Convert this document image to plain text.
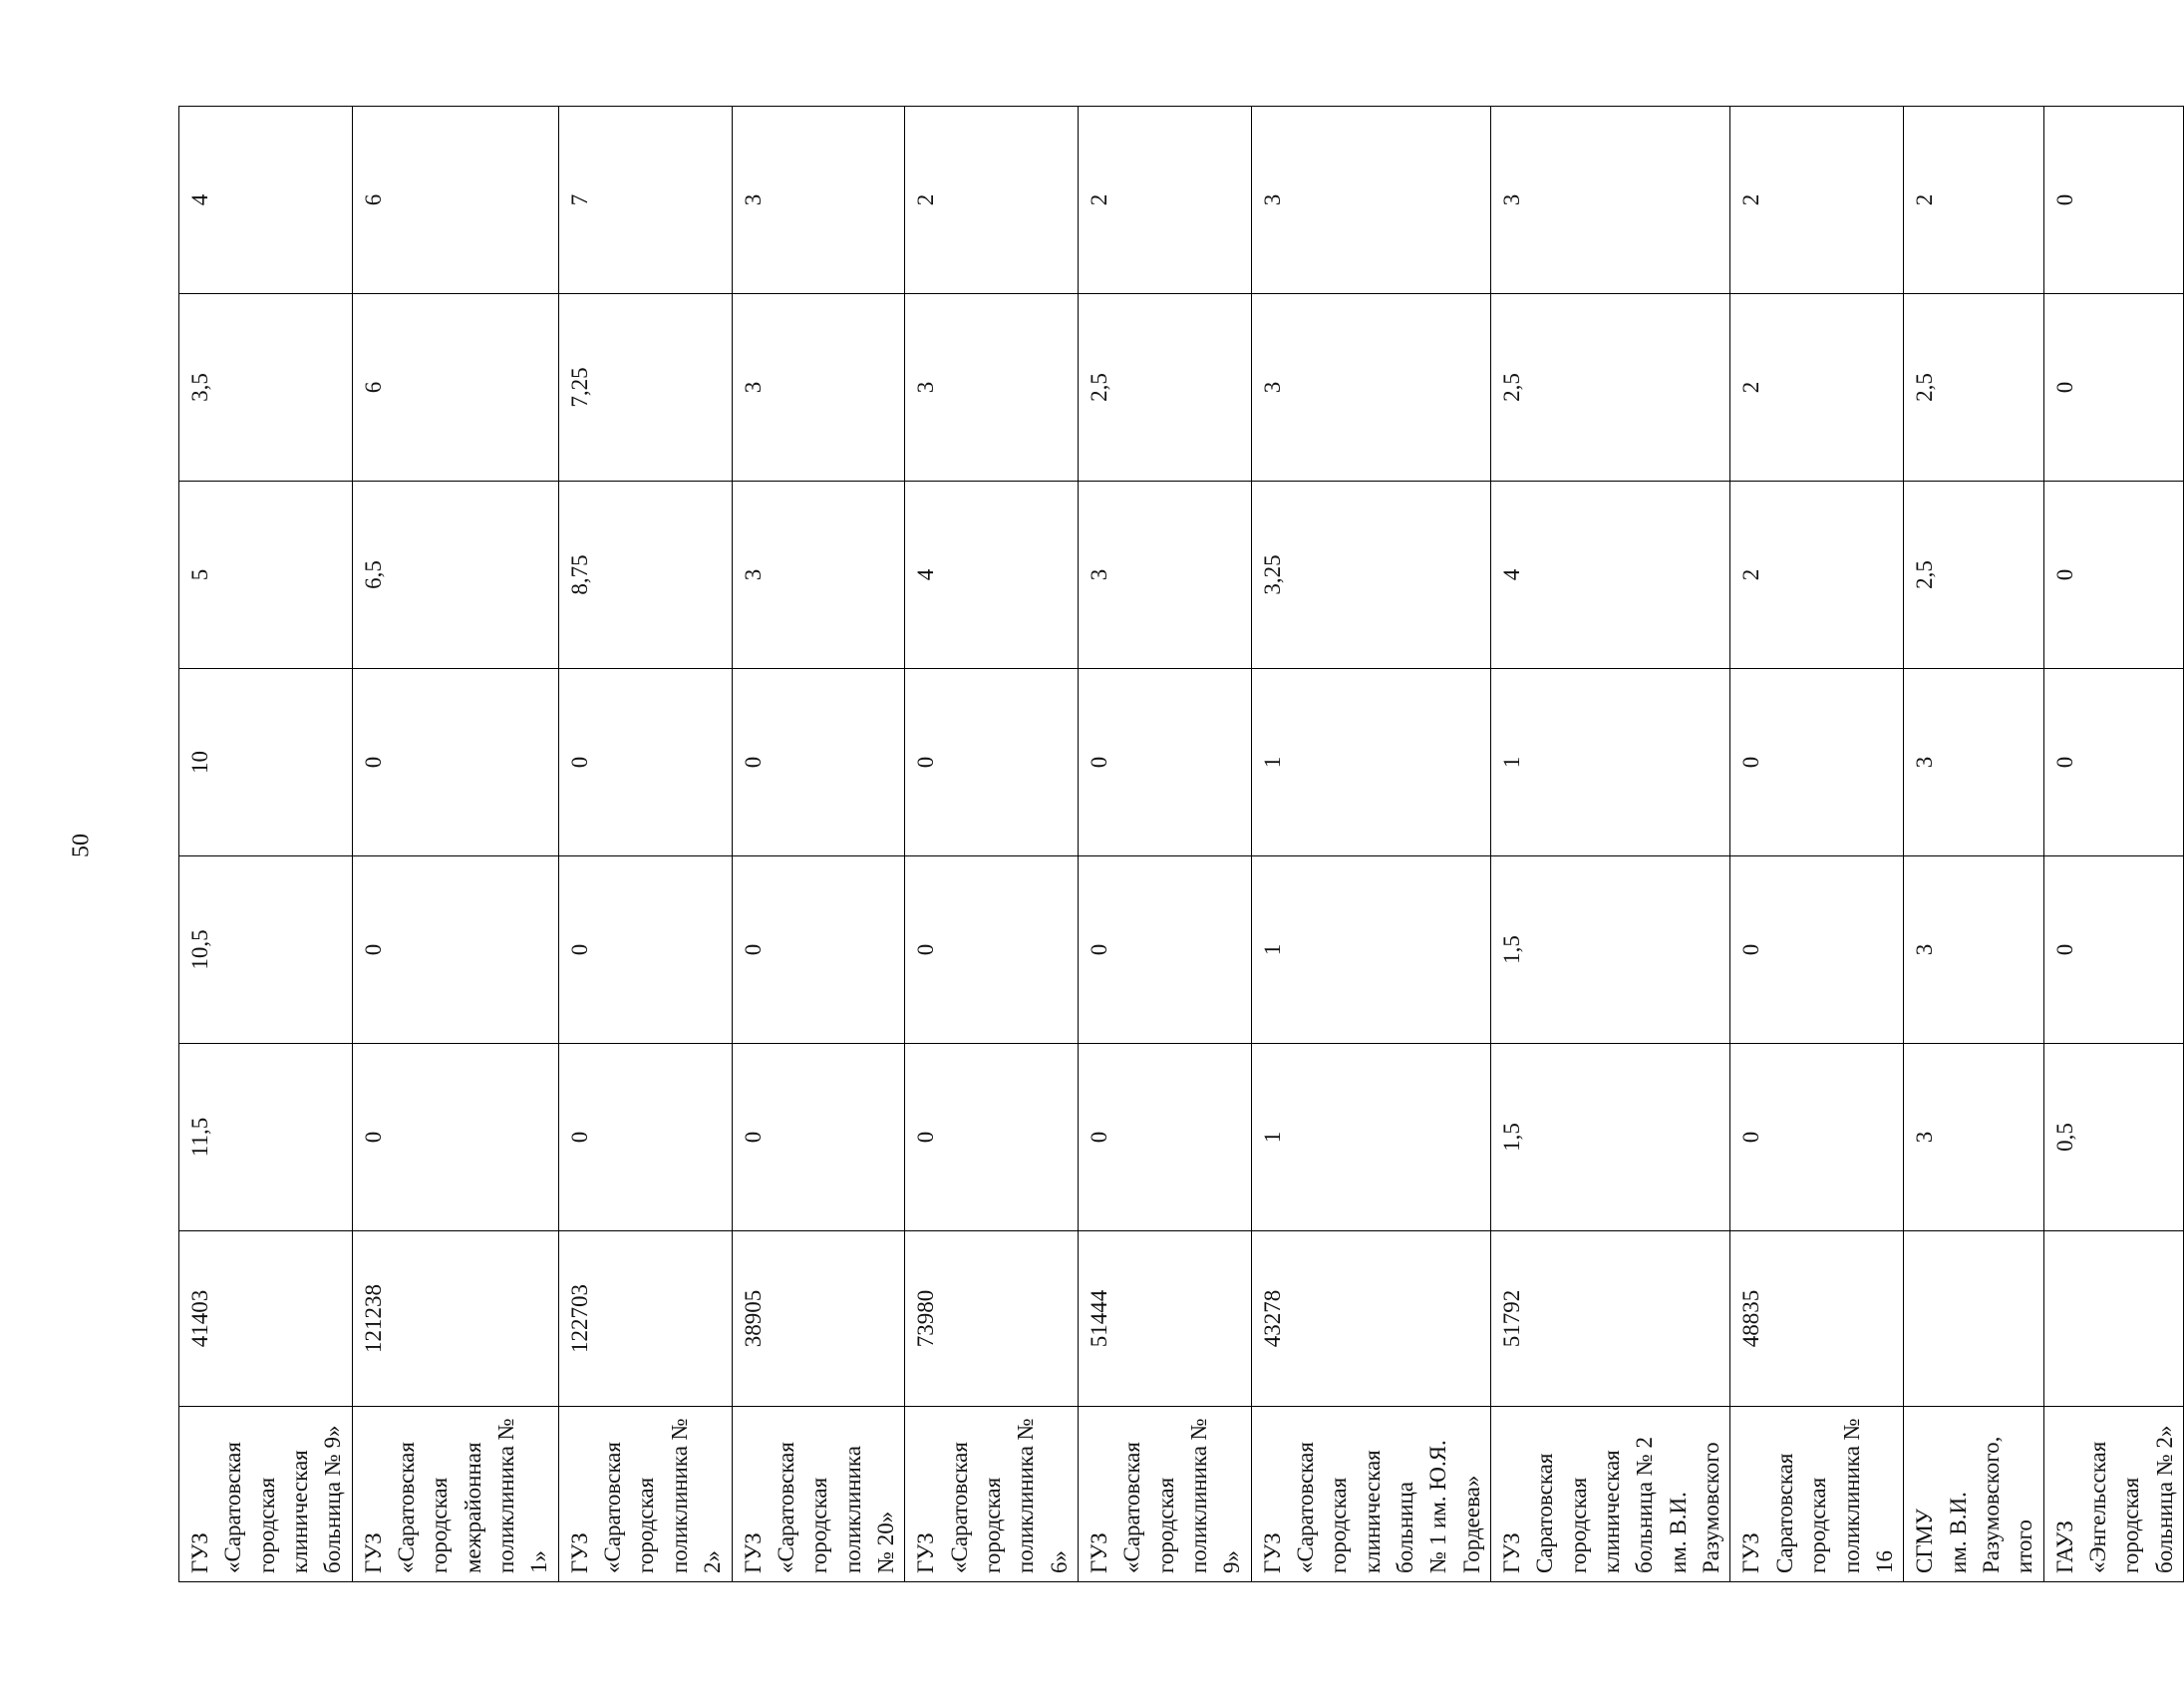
50
ГУЗ «Саратовская
городская клиническая
больница № 9»	41403	11,5	10,5	10	5	3,5	4
ГУЗ «Саратовская
городская межрайонная
поликлиника № 1»	121238	0	0	0	6,5	6	6
ГУЗ «Саратовская
городская поликлиника № 2»	122703	0	0	0	8,75	7,25	7
ГУЗ «Саратовская
городская поликлиника
№ 20»	38905	0	0	0	3	3	3
ГУЗ «Саратовская
городская поликлиника № 6»	73980	0	0	0	4	3	2
ГУЗ «Саратовская
городская поликлиника № 9»	51444	0	0	0	3	2,5	2
ГУЗ «Саратовская городская
клиническая больница
№ 1 им. Ю.Я. Гордеева»	43278	1	1	1	3,25	3	3
ГУЗ Саратовская
городская клиническая
больница № 2
им. В.И. Разумовского	51792	1,5	1,5	1	4	2,5	3
ГУЗ Саратовская городская
поликлиника № 16	48835	0	0	0	2	2	2
СГМУ
им. В.И. Разумовского, итого		3	3	3	2,5	2,5	2
ГАУЗ «Энгельсская
городская больница № 2»		0,5	0	0	0	0	0
